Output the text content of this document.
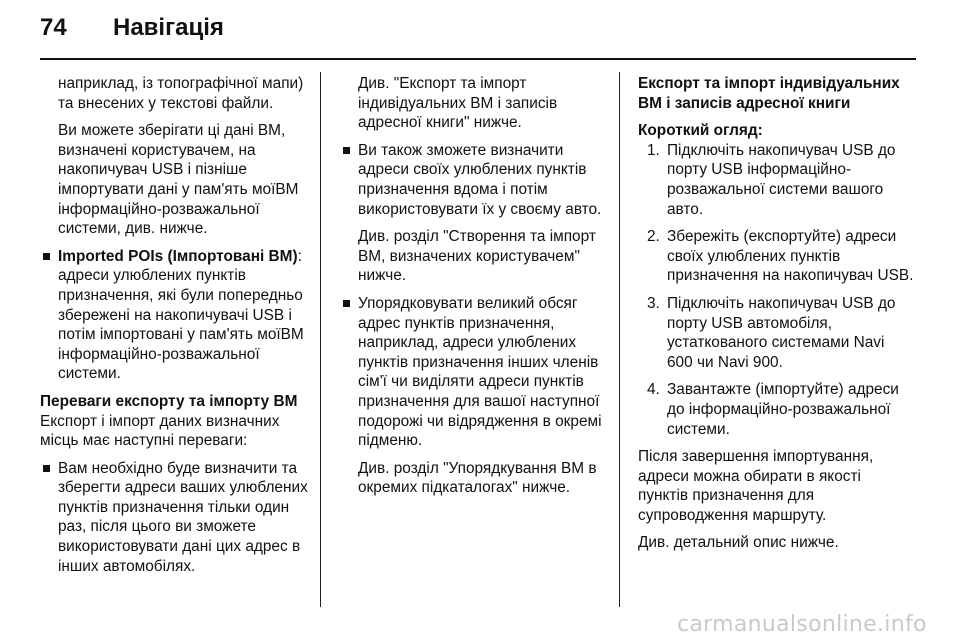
74 Навігація

наприклад, із топографічної мапи) та внесених у текстові файли.

Ви можете зберігати ці дані ВМ, визначені користувачем, на накопичувач USB і пізніше імпортувати дані у пам'ять моїВМ інформаційно-розважальної системи, див. нижче.

Imported POIs (Імпортовані ВМ): адреси улюблених пунктів призначення, які були попередньо збережені на накопичувачі USB і потім імпортовані у пам'ять моїВМ інформаційно-розважальної системи.

Переваги експорту та імпорту ВМ

Експорт і імпорт даних визначних місць має наступні переваги:

Вам необхідно буде визначити та зберегти адреси ваших улюблених пунктів призначення тільки один раз, після цього ви зможете використовувати дані цих адрес в інших автомобілях.

Див. "Експорт та імпорт індивідуальних ВМ і записів адресної книги" нижче.

Ви також зможете визначити адреси своїх улюблених пунктів призначення вдома і потім використовувати їх у своєму авто.

Див. розділ "Створення та імпорт ВМ, визначених користувачем" нижче.

Упорядковувати великий обсяг адрес пунктів призначення, наприклад, адреси улюблених пунктів призначення інших членів сім'ї чи виділяти адреси пунктів призначення для вашої наступної подорожі чи відрядження в окремі підменю.

Див. розділ "Упорядкування ВМ в окремих підкаталогах" нижче.

Експорт та імпорт індивідуальних ВМ і записів адресної книги

Короткий огляд:

1. Підключіть накопичувач USB до порту USB інформаційно-розважальної системи вашого авто.
2. Збережіть (експортуйте) адреси своїх улюблених пунктів призначення на накопичувач USB.
3. Підключіть накопичувач USB до порту USB автомобіля, устаткованого системами Navi 600 чи Navi 900.
4. Завантажте (імпортуйте) адреси до інформаційно-розважальної системи.

Після завершення імпортування, адреси можна обирати в якості пунктів призначення для супроводження маршруту.

Див. детальний опис нижче.

carmanualsonline.info
